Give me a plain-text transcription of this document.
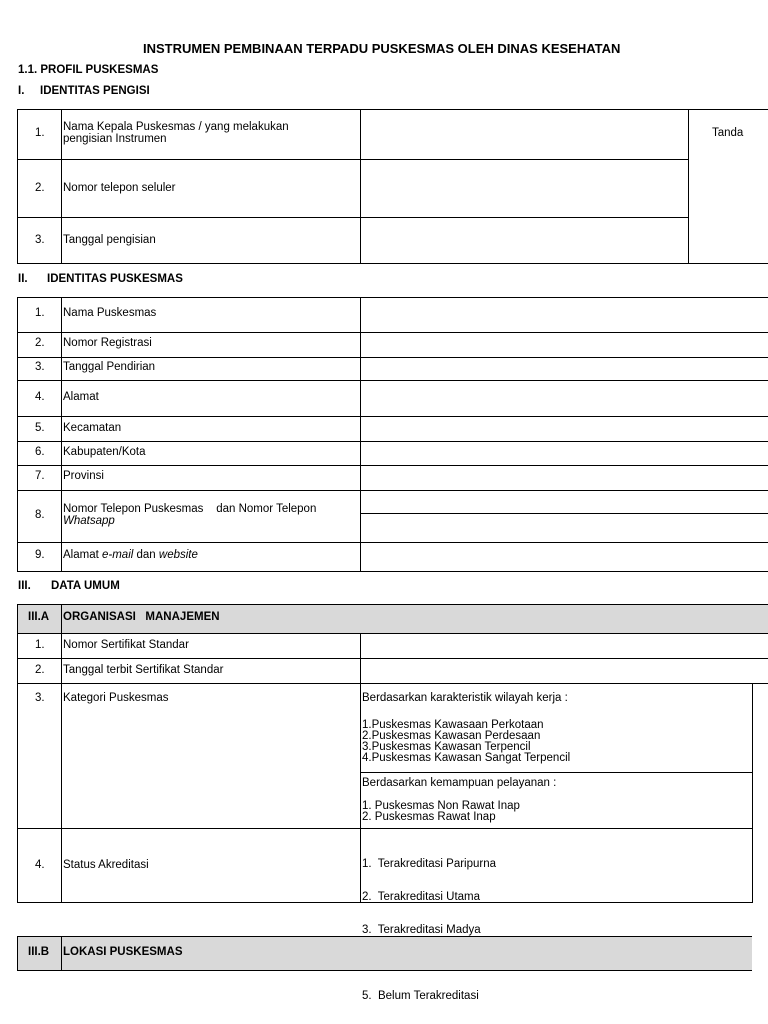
INSTRUMEN PEMBINAAN TERPADU PUSKESMAS OLEH DINAS KESEHATAN
1.1. PROFIL PUSKESMAS
I. IDENTITAS PENGISI
1. Nama Kepala Puskesmas / yang melakukan
pengisian Instrumen
2. Nomor telepon seluler
3. Tanggal pengisian
Tanda
II. IDENTITAS PUSKESMAS
1. Nama Puskesmas
2. Nomor Registrasi
3. Tanggal Pendirian
4. Alamat
5. Kecamatan
6. Kabupaten/Kota
7. Provinsi
8. Nomor Telepon Puskesmas    dan Nomor Telepon
Whatsapp
9. Alamat e-mail dan website
III. DATA UMUM
III.A ORGANISASI   MANAJEMEN
1. Nomor Sertifikat Standar
2. Tanggal terbit Sertifikat Standar
3. Kategori Puskesmas
4. Status Akreditasi
Berdasarkan karakteristik wilayah kerja :
1.Puskesmas Kawasaan Perkotaan
2.Puskesmas Kawasan Perdesaan
3.Puskesmas Kawasan Terpencil
4.Puskesmas Kawasan Sangat Terpencil
Berdasarkan kemampuan pelayanan :
1. Puskesmas Non Rawat Inap
2. Puskesmas Rawat Inap

1.  Terakreditasi Paripurna

2.  Terakreditasi Utama

3.  Terakreditasi Madya

5.  Belum Terakreditasi

III.B LOKASI PUSKESMAS
